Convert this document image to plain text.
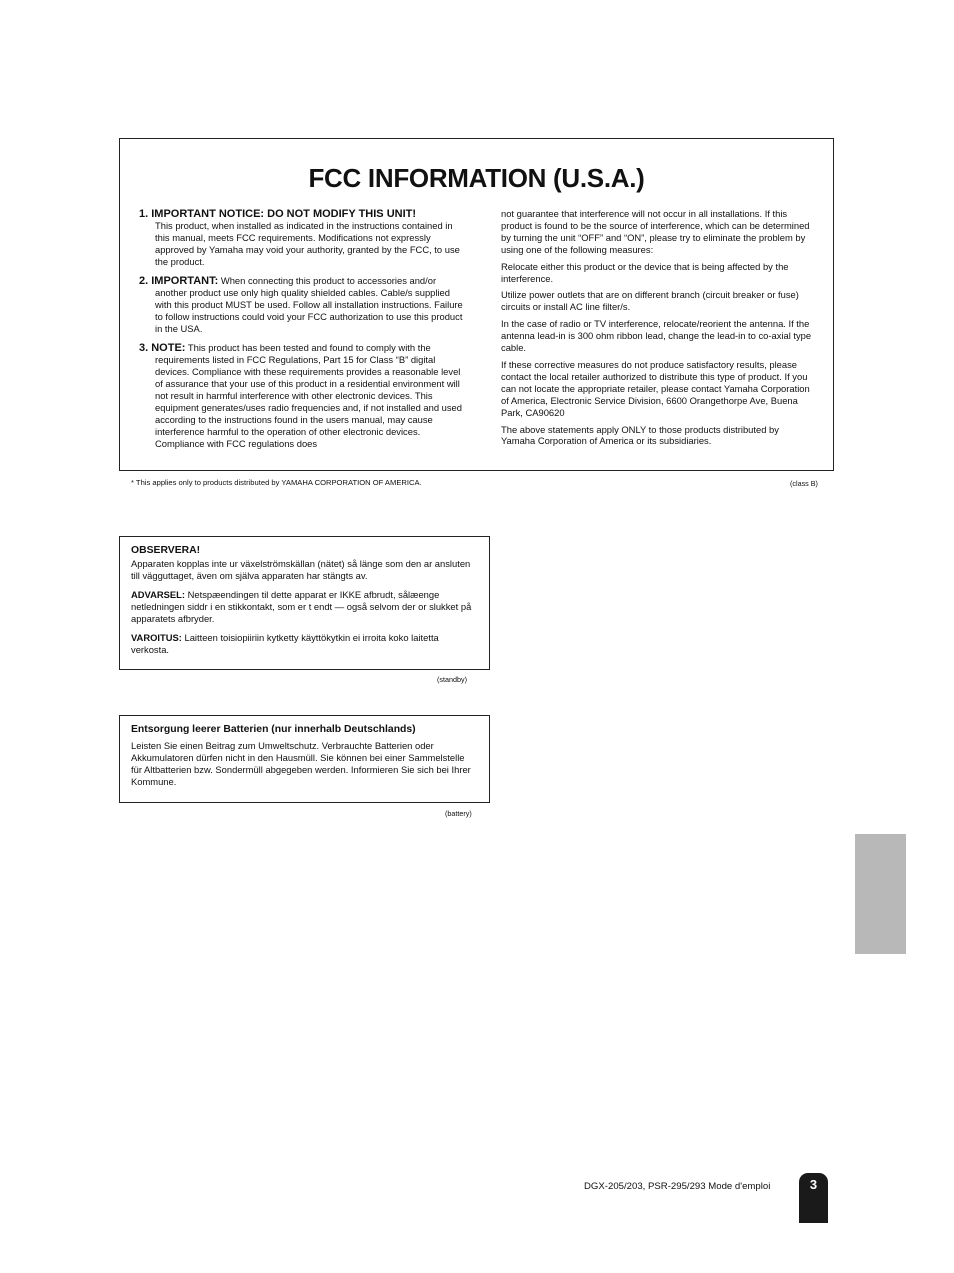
FCC INFORMATION (U.S.A.)
1. IMPORTANT NOTICE: DO NOT MODIFY THIS UNIT!
This product, when installed as indicated in the instructions contained in this manual, meets FCC requirements. Modifications not expressly approved by Yamaha may void your authority, granted by the FCC, to use the product.
2. IMPORTANT: When connecting this product to accessories and/or another product use only high quality shielded cables. Cable/s supplied with this product MUST be used. Follow all installation instructions. Failure to follow instructions could void your FCC authorization to use this product in the USA.
3. NOTE: This product has been tested and found to comply with the requirements listed in FCC Regulations, Part 15 for Class “B” digital devices. Compliance with these requirements provides a reasonable level of assurance that your use of this product in a residential environment will not result in harmful interference with other electronic devices. This equipment generates/uses radio frequencies and, if not installed and used according to the instructions found in the users manual, may cause interference harmful to the operation of other electronic devices. Compliance with FCC regulations does

not guarantee that interference will not occur in all installations. If this product is found to be the source of interference, which can be determined by turning the unit “OFF” and “ON”, please try to eliminate the problem by using one of the following measures:

Relocate either this product or the device that is being affected by the interference.

Utilize power outlets that are on different branch (circuit breaker or fuse) circuits or install AC line filter/s.

In the case of radio or TV interference, relocate/reorient the antenna. If the antenna lead-in is 300 ohm ribbon lead, change the lead-in to co-axial type cable.

If these corrective measures do not produce satisfactory results, please contact the local retailer authorized to distribute this type of product. If you can not locate the appropriate retailer, please contact Yamaha Corporation of America, Electronic Service Division, 6600 Orangethorpe Ave, Buena Park, CA90620

The above statements apply ONLY to those products distributed by Yamaha Corporation of America or its subsidiaries.

* This applies only to products distributed by YAMAHA CORPORATION OF AMERICA.	(class B)
OBSERVERA!

Apparaten kopplas inte ur växelströmskällan (nätet) så länge som den ar ansluten till vägguttaget, även om själva apparaten har stängts av.

ADVARSEL: Netspæendingen til dette apparat er IKKE afbrudt, sålæenge netledningen siddr i en stikkontakt, som er t endt — også selvom der or slukket på apparatets afbryder.

VAROITUS: Laitteen toisiopiiriin kytketty käyttökytkin ei irroita koko laitetta verkosta.

(standby)
Entsorgung leerer Batterien (nur innerhalb Deutschlands)

Leisten Sie einen Beitrag zum Umweltschutz. Verbrauchte Batterien oder Akkumulatoren dürfen nicht in den Hausmüll. Sie können bei einer Sammelstelle für Altbatterien bzw. Sondermüll abgegeben werden. Informieren Sie sich bei Ihrer Kommune.

(battery)
DGX-205/203, PSR-295/293 Mode d'emploi	3
